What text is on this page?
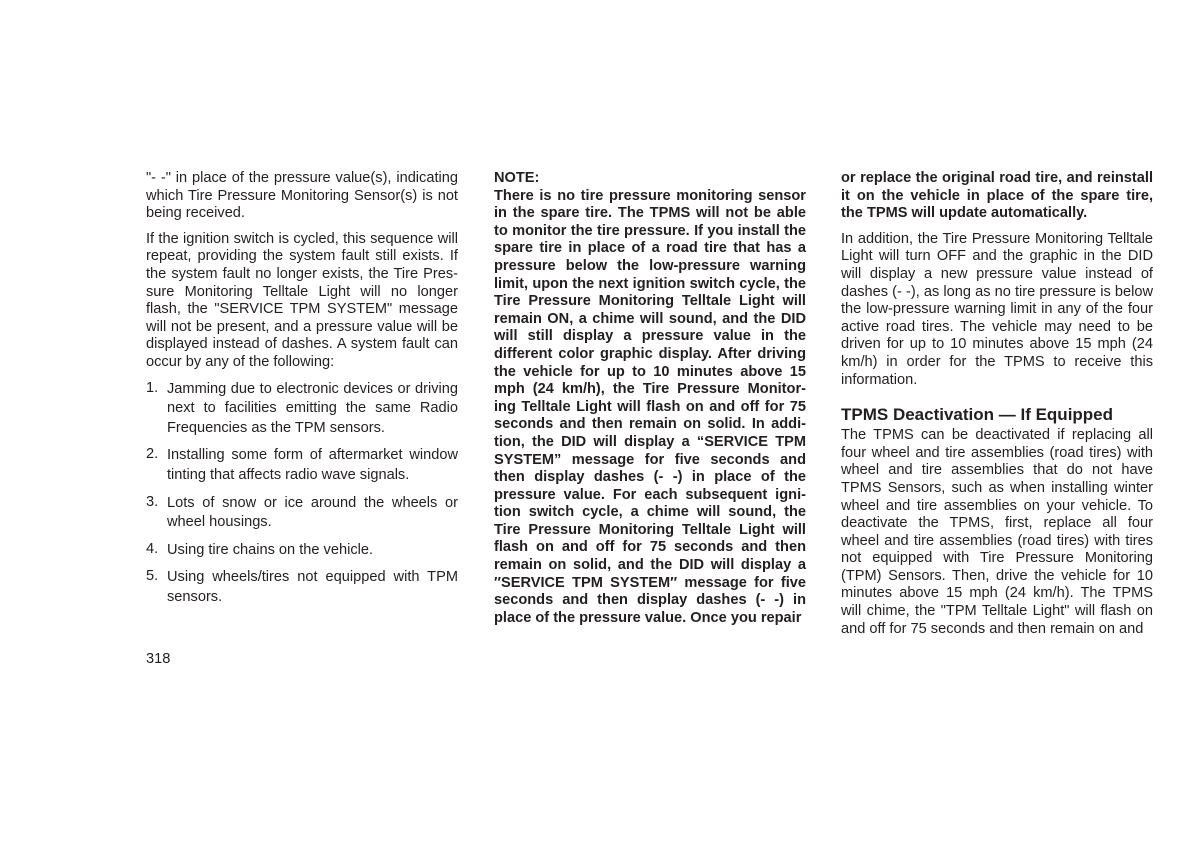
"- -" in place of the pressure value(s), indicating which Tire Pressure Monitoring Sensor(s) is not being received.

If the ignition switch is cycled, this sequence will repeat, providing the system fault still exists. If the system fault no longer exists, the Tire Pres- sure Monitoring Telltale Light will no longer flash, the "SERVICE TPM SYSTEM" message will not be present, and a pressure value will be displayed instead of dashes. A system fault can occur by any of the following:

1. Jamming due to electronic devices or driving next to facilities emitting the same Radio Frequencies as the TPM sensors.
2. Installing some form of aftermarket window tinting that affects radio wave signals.
3. Lots of snow or ice around the wheels or wheel housings.
4. Using tire chains on the vehicle.
5. Using wheels/tires not equipped with TPM sensors.

NOTE:

There is no tire pressure monitoring sensor in the spare tire. The TPMS will not be able to monitor the tire pressure. If you install the spare tire in place of a road tire that has a pressure below the low-pressure warning limit, upon the next ignition switch cycle, the Tire Pressure Monitoring Telltale Light will remain ON, a chime will sound, and the DID will still display a pressure value in the different color graphic display. After driving the vehicle for up to 10 minutes above 15 mph (24 km/h), the Tire Pressure Monitor- ing Telltale Light will flash on and off for 75 seconds and then remain on solid. In addi- tion, the DID will display a “SERVICE TPM SYSTEM” message for five seconds and then display dashes (- -) in place of the pressure value. For each subsequent igni- tion switch cycle, a chime will sound, the Tire Pressure Monitoring Telltale Light will flash on and off for 75 seconds and then remain on solid, and the DID will display a ″SERVICE TPM SYSTEM″ message for five seconds and then display dashes (- -) in place of the pressure value. Once you repair

or replace the original road tire, and reinstall it on the vehicle in place of the spare tire, the TPMS will update automatically.

In addition, the Tire Pressure Monitoring Telltale Light will turn OFF and the graphic in the DID will display a new pressure value instead of dashes (- -), as long as no tire pressure is below the low-pressure warning limit in any of the four active road tires. The vehicle may need to be driven for up to 10 minutes above 15 mph (24 km/h) in order for the TPMS to receive this information.

TPMS Deactivation — If Equipped

The TPMS can be deactivated if replacing all four wheel and tire assemblies (road tires) with wheel and tire assemblies that do not have TPMS Sensors, such as when installing winter wheel and tire assemblies on your vehicle. To deactivate the TPMS, first, replace all four wheel and tire assemblies (road tires) with tires not equipped with Tire Pressure Monitoring (TPM) Sensors. Then, drive the vehicle for 10 minutes above 15 mph (24 km/h). The TPMS will chime, the "TPM Telltale Light" will flash on and off for 75 seconds and then remain on and

318
